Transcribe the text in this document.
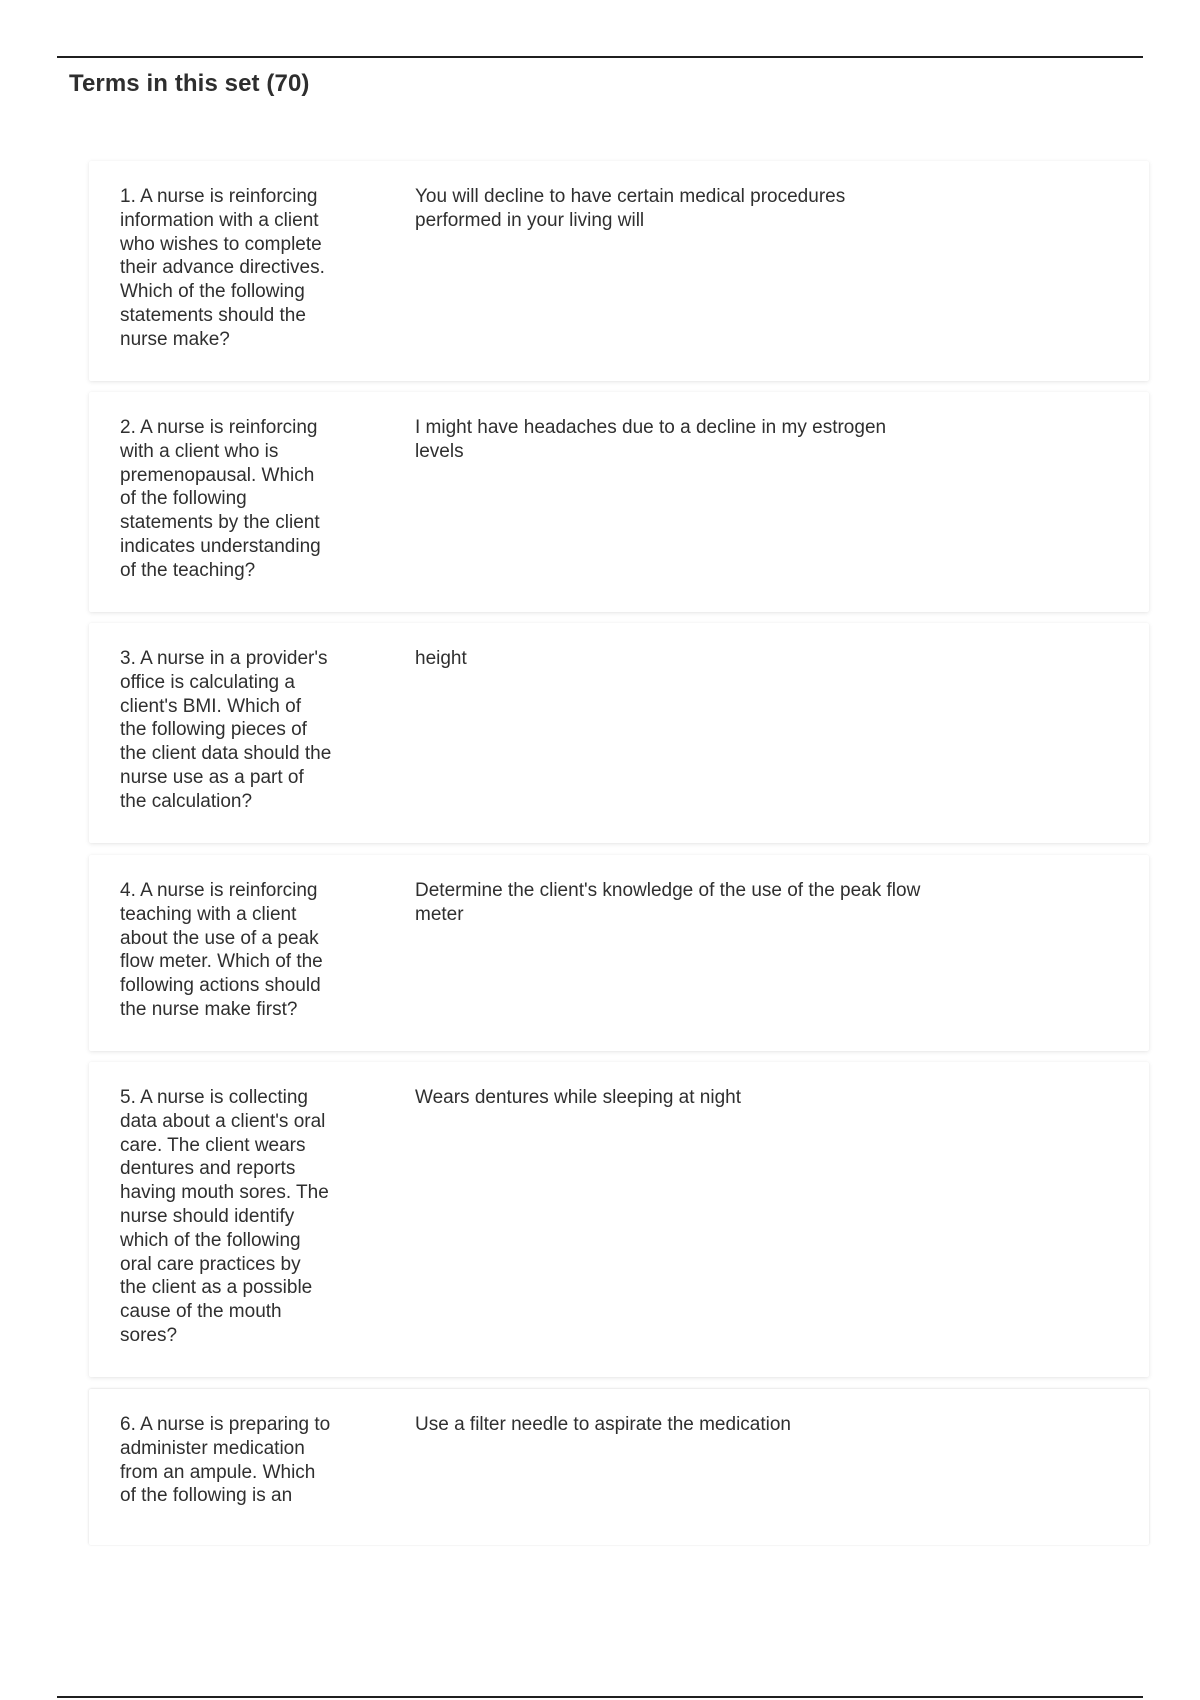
Terms in this set (70)
1. A nurse is reinforcing
information with a client
who wishes to complete
their advance directives.
Which of the following
statements should the
nurse make?
You will decline to have certain medical procedures performed in your living will
2. A nurse is reinforcing
with a client who is
premenopausal. Which
of the following
statements by the client
indicates understanding
of the teaching?
I might have headaches due to a decline in my estrogen levels
3. A nurse in a provider's
office is calculating a
client's BMI. Which of
the following pieces of
the client data should the
nurse use as a part of
the calculation?
height
4. A nurse is reinforcing
teaching with a client
about the use of a peak
flow meter. Which of the
following actions should
the nurse make first?
Determine the client's knowledge of the use of the peak flow meter
5. A nurse is collecting
data about a client's oral
care. The client wears
dentures and reports
having mouth sores. The
nurse should identify
which of the following
oral care practices by
the client as a possible
cause of the mouth
sores?
Wears dentures while sleeping at night
6. A nurse is preparing to
administer medication
from an ampule. Which
of the following is an
Use a filter needle to aspirate the medication
